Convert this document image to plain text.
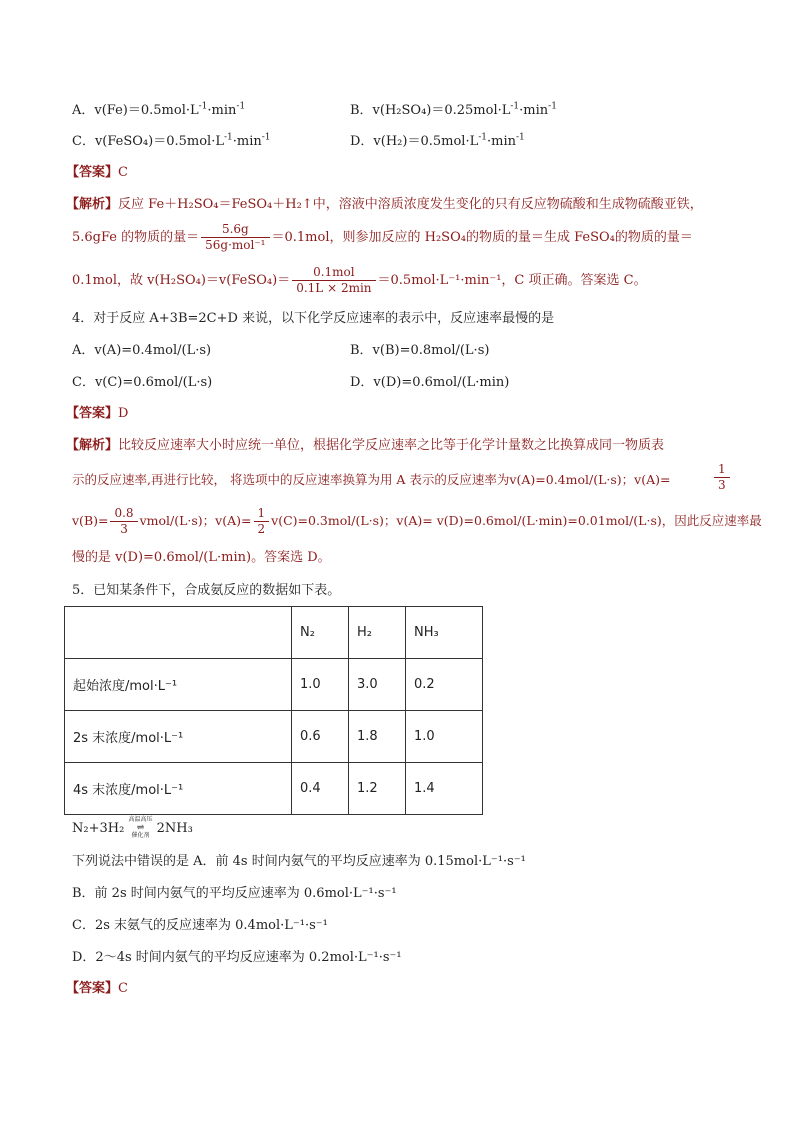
A．$v(Fe)=0.5mol\cdot L^{-1}\cdot\min^{-1}$	B．$v(H_2SO_4)=0.25mol\cdot L^{-1}\cdot\min^{-1}$
C．$v(FeSO_4)=0.5mol\cdot L^{-1}\cdot\min^{-1}$	D．$v(H_2)=0.5mol\cdot L^{-1}\cdot\min^{-1}$
【答案】C
【解析】反应 Fe＋H₂SO₄＝FeSO₄＋H₂↑中，溶液中溶质浓度发生变化的只有反应物硫酸和生成物硫酸亚铁，
5.6gFe 的物质的量＝ $\frac{5.6g}{\text{56g·mol⁻¹}} =0.1mol$，则参加反应的 H₂SO₄的物质的量＝生成 FeSO₄的物质的量＝
0.1mol，故 v(H₂SO₄)＝v(FeSO₄)＝ $\frac{\text{0.1mol}}{0.1L \times 2\min} =0.5mol\cdot L^{-1}\cdot\min^{-1}$，C 项正确。答案选 C。
4．对于反应 A+3B=2C+D 来说，以下化学反应速率的表示中，反应速率最慢的是
A．v(A)=0.4mol/(L·s)	B．v(B)=0.8mol/(L·s)
C．v(C)=0.6mol/(L·s)	D．v(D)=0.6mol/(L·min)
【答案】D
【解析】比较反应速率大小时应统一单位，根据化学反应速率之比等于化学计量数之比换算成同一物质表
示的反应速率,再进行比较， 将选项中的反应速率换算为用 A 表示的反应速率为v(A)=0.4mol/(L·s)；v(A)=	$\frac{1}{3}$
$v(B)= \frac{0.8}{3}$ vmol/(L·s)；$v(A)= \frac{1}{2} v(C)=0.3mol/(L\cdot s)$；v(A)= v(D)=0.6mol/(L·min)=0.01mol/(L·s)，因此反应速率最
慢的是 v(D)=0.6mol/(L·min)。答案选 D。
5．已知某条件下，合成氨反应的数据如下表。
	N₂	H₂	NH₃
起始浓度/mol·L⁻¹	1.0	3.0	0.2
2s 末浓度/mol·L⁻¹	0.6	1.8	1.0
4s 末浓度/mol·L⁻¹	0.4	1.2	1.4
N₂+3H₂
高温高压
⇌
催化剂 2NH₃
下列说法中错误的是 A．前 4s 时间内氨气的平均反应速率为 0.15mol·L⁻¹·s⁻¹
B．前 2s 时间内氨气的平均反应速率为 0.6mol·L⁻¹·s⁻¹
C．2s 末氨气的反应速率为 0.4mol·L⁻¹·s⁻¹
D．2～4s 时间内氨气的平均反应速率为 0.2mol·L⁻¹·s⁻¹
【答案】C
